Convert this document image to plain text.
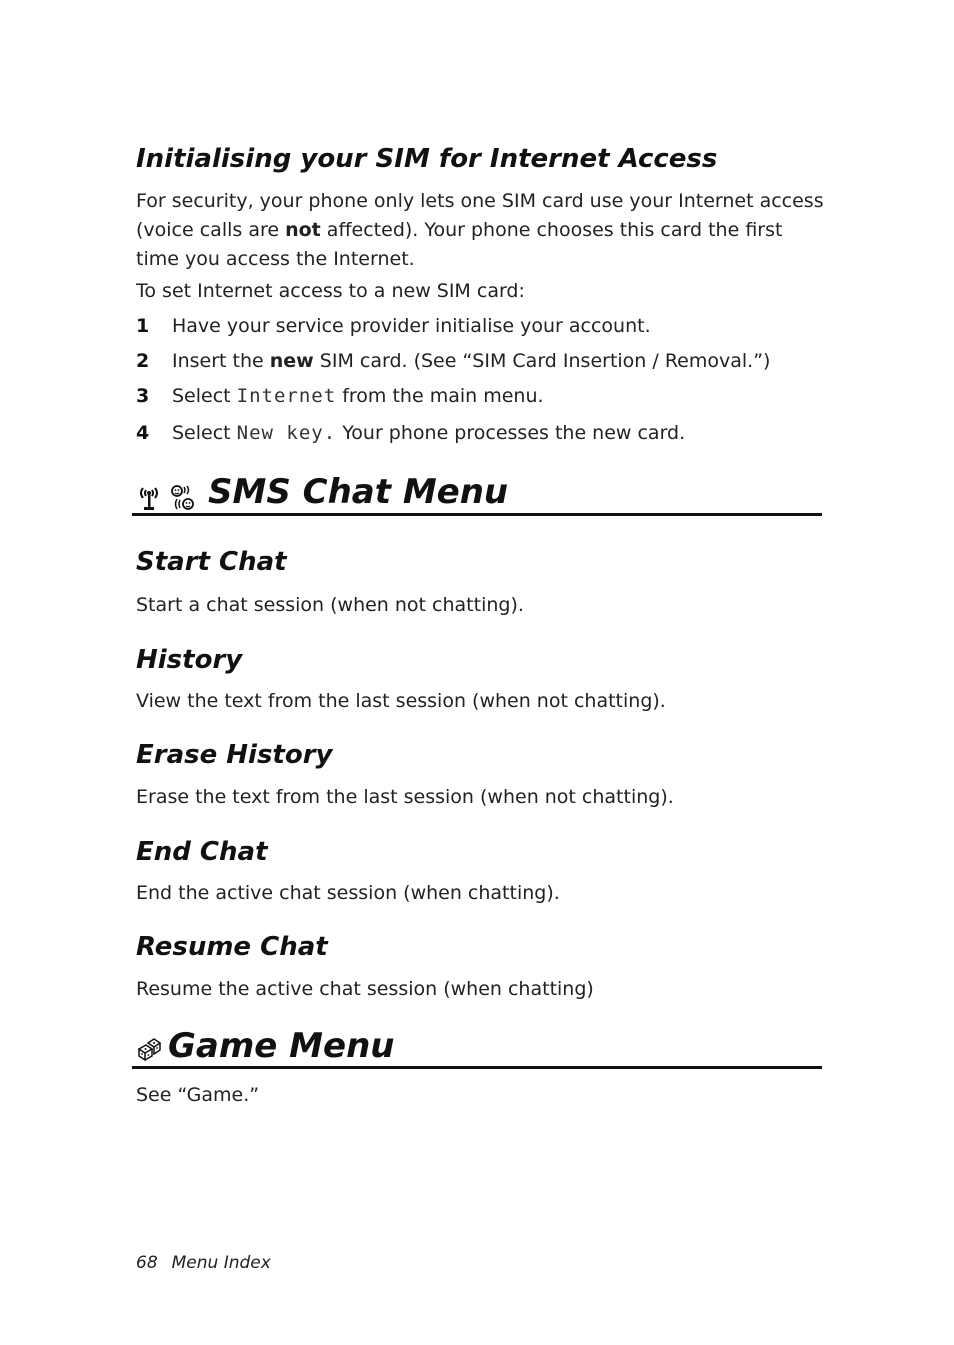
Initialising your SIM for Internet Access
For security, your phone only lets one SIM card use your Internet access
(voice calls are not affected). Your phone chooses this card the first
time you access the Internet.
To set Internet access to a new SIM card:
1 Have your service provider initialise your account.
2 Insert the new SIM card. (See “SIM Card Insertion / Removal.”)
3 Select Internet from the main menu.
4 Select New key. Your phone processes the new card.
SMS Chat Menu
Start Chat
Start a chat session (when not chatting).
History
View the text from the last session (when not chatting).
Erase History
Erase the text from the last session (when not chatting).
End Chat
End the active chat session (when chatting).
Resume Chat
Resume the active chat session (when chatting)
Game Menu
See “Game.”
68 Menu Index
